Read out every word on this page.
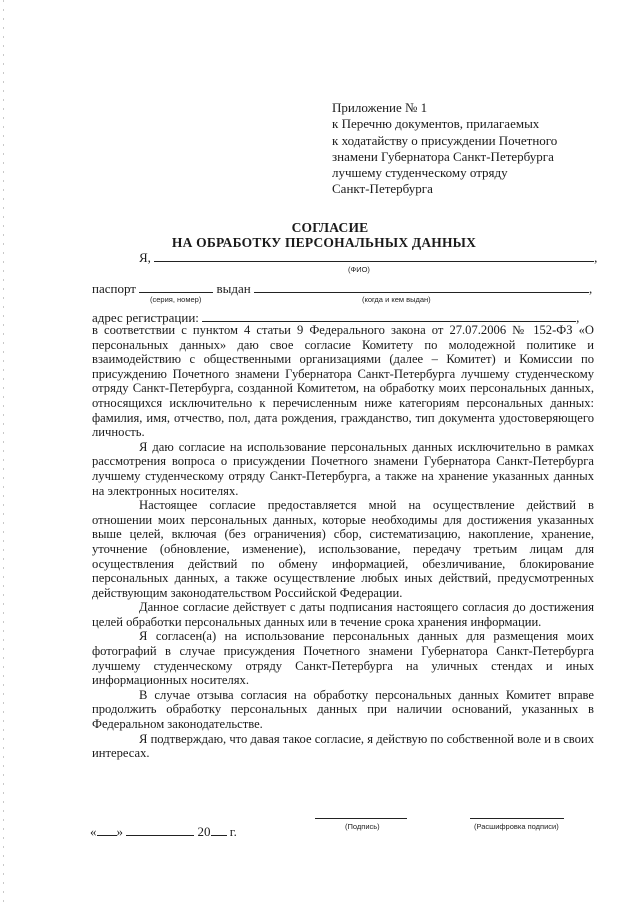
Приложение № 1
к Перечню документов, прилагаемых
к ходатайству о присуждении Почетного
знамени Губернатора Санкт-Петербурга
лучшему студенческому отряду
Санкт-Петербурга
СОГЛАСИЕ
НА ОБРАБОТКУ ПЕРСОНАЛЬНЫХ ДАННЫХ
Я,	,
(ФИО)
паспорт	выдан	,
(серия, номер)	(когда и кем выдан)
адрес регистрации:	,

в соответствии с пунктом 4 статьи 9 Федерального закона от 27.07.2006 № 152-ФЗ «О персональных данных» даю свое согласие Комитету по молодежной политике и взаимодействию с общественными организациями (далее – Комитет) и Комиссии по присуждению Почетного знамени Губернатора Санкт-Петербурга лучшему студенческому отряду Санкт-Петербурга, созданной Комитетом, на обработку моих персональных данных, относящихся исключительно к перечисленным ниже категориям персональных данных: фамилия, имя, отчество, пол, дата рождения, гражданство, тип документа удостоверяющего личность.

Я даю согласие на использование персональных данных исключительно в рамках рассмотрения вопроса о присуждении Почетного знамени Губернатора Санкт-Петербурга лучшему студенческому отряду Санкт-Петербурга, а также на хранение указанных данных на электронных носителях.

Настоящее согласие предоставляется мной на осуществление действий в отношении моих персональных данных, которые необходимы для достижения указанных выше целей, включая (без ограничения) сбор, систематизацию, накопление, хранение, уточнение (обновление, изменение), использование, передачу третьим лицам для осуществления действий по обмену информацией, обезличивание, блокирование персональных данных, а также осуществление любых иных действий, предусмотренных действующим законодательством Российской Федерации.

Данное согласие действует с даты подписания настоящего согласия до достижения целей обработки персональных данных или в течение срока хранения информации.

Я согласен(а) на использование персональных данных для размещения моих фотографий в случае присуждения Почетного знамени Губернатора Санкт-Петербурга лучшему студенческому отряду Санкт-Петербурга на уличных стендах и иных информационных носителях.

В случае отзыва согласия на обработку персональных данных Комитет вправе продолжить обработку персональных данных при наличии оснований, указанных в Федеральном законодательстве.

Я подтверждаю, что давая такое согласие, я действую по собственной воле и в своих интересах.

« »	20 г.	(Подпись)	(Расшифровка подписи)
